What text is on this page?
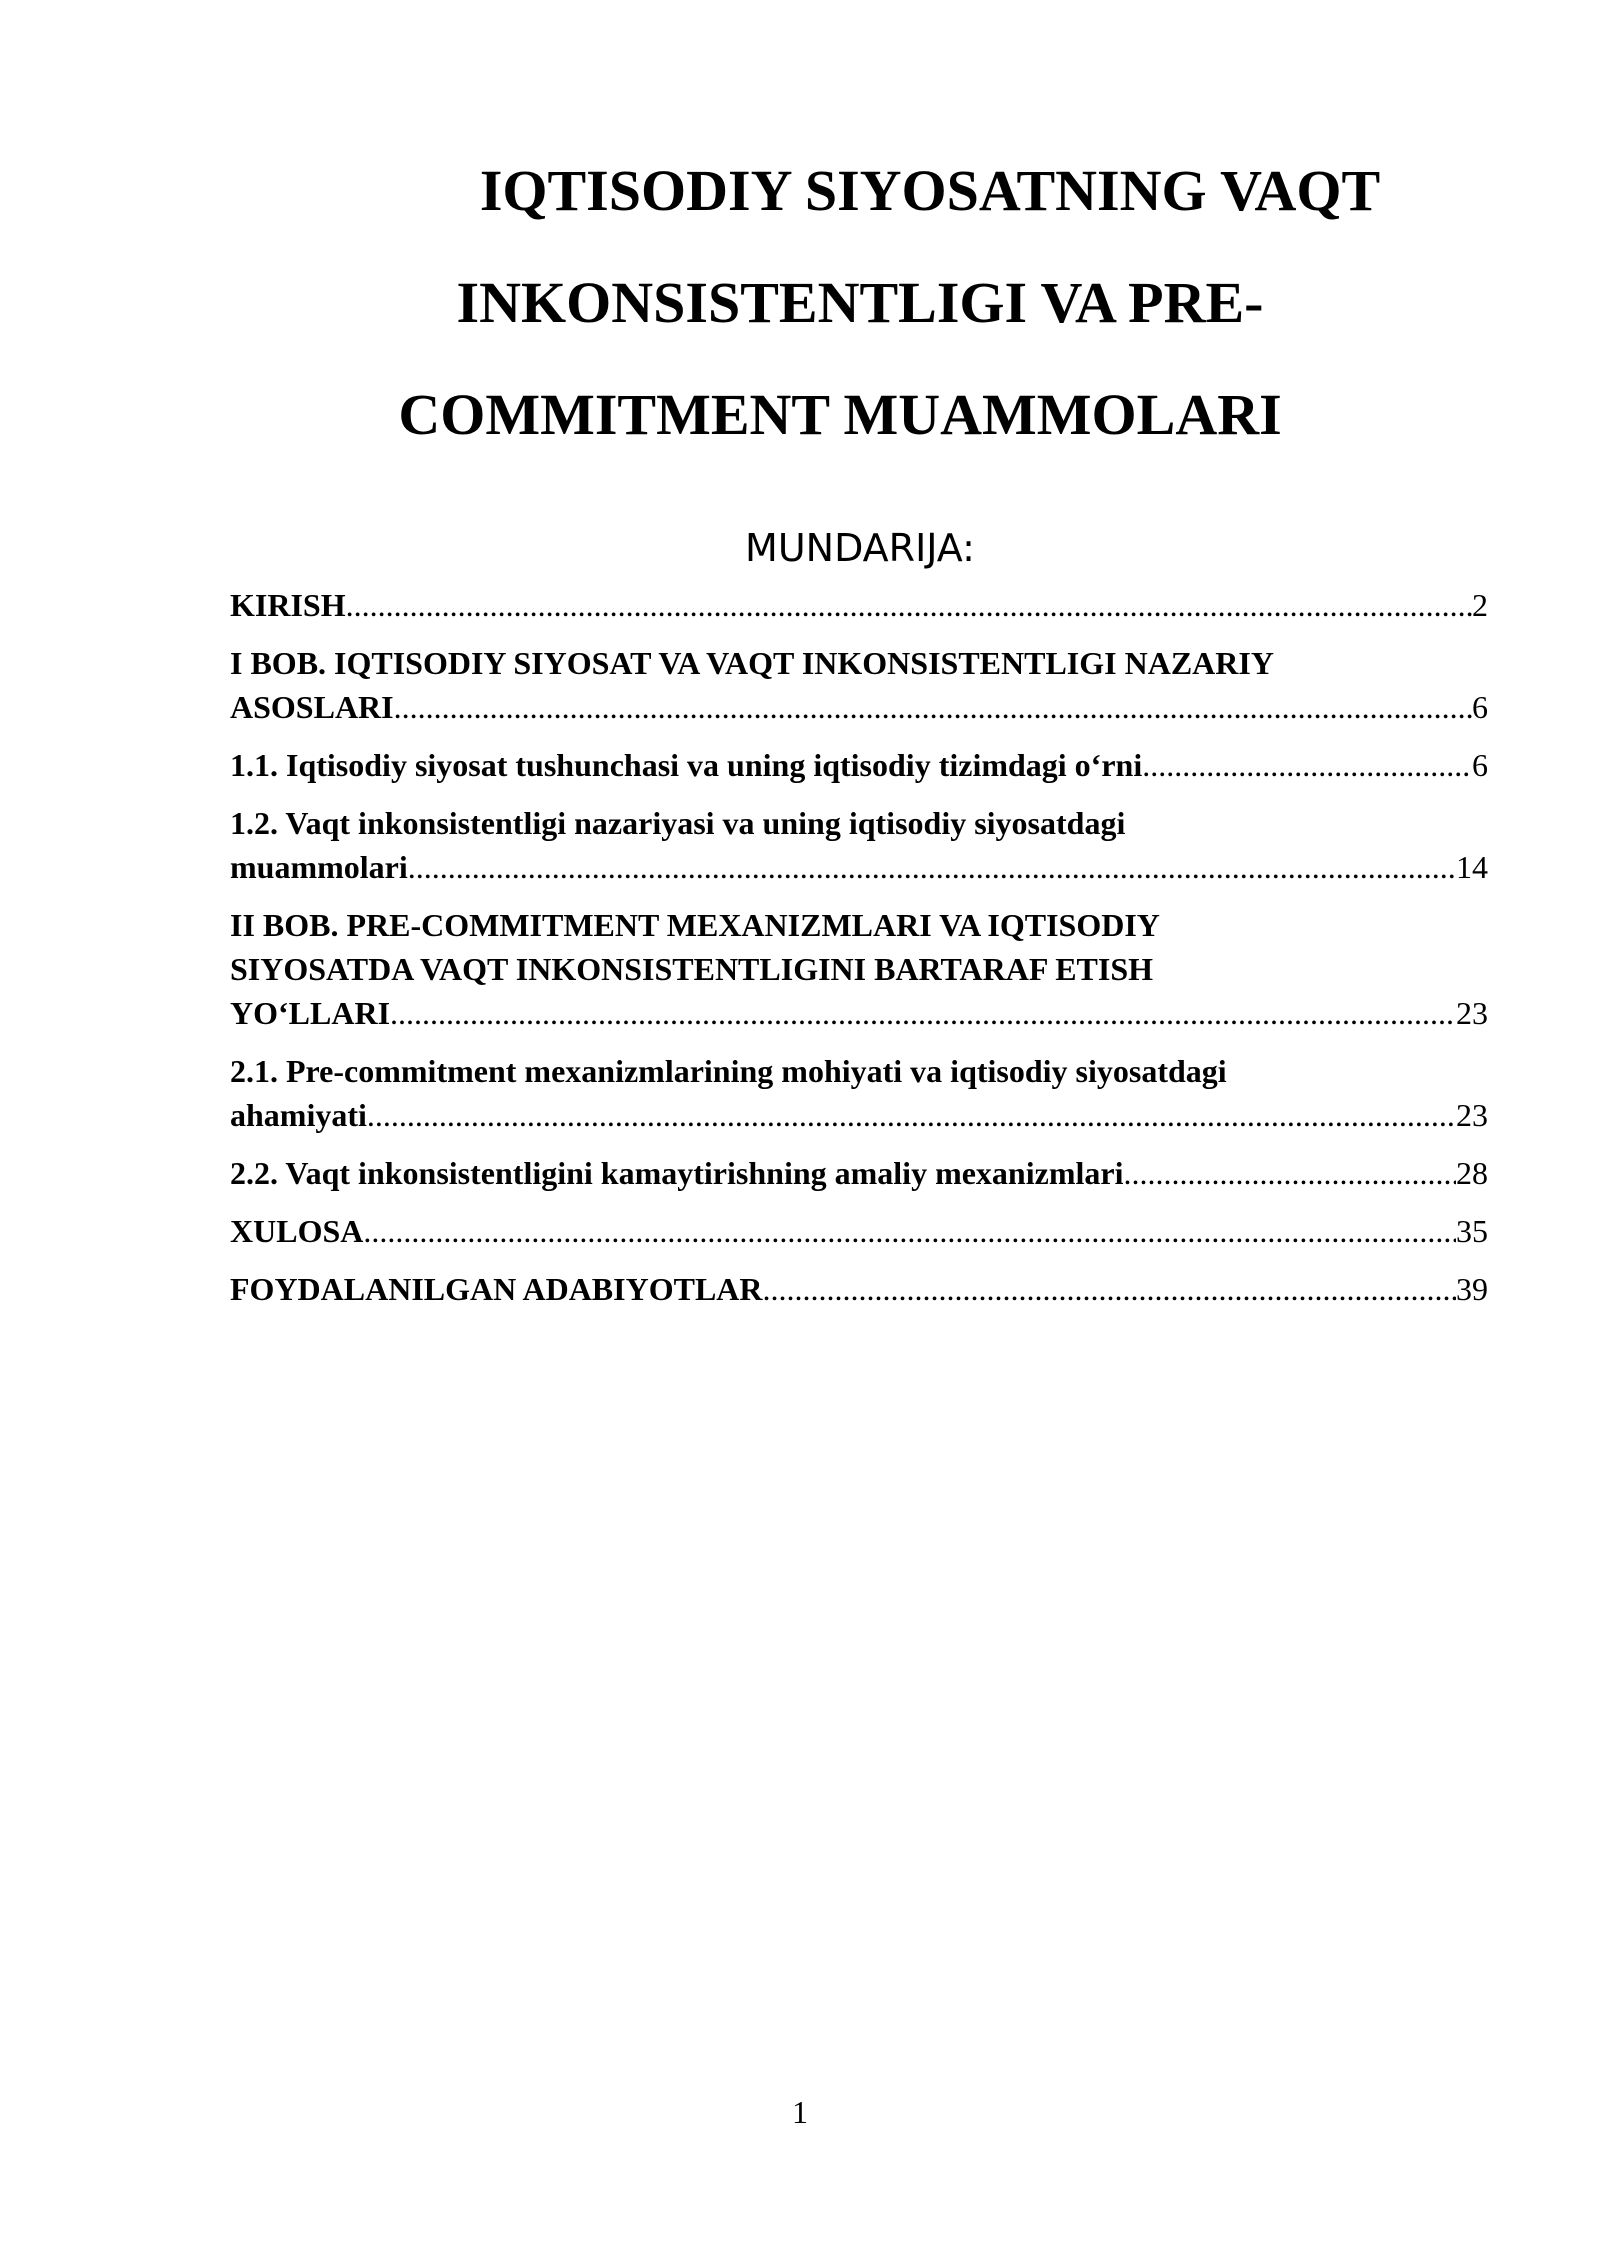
IQTISODIY SIYOSATNING VAQT
INKONSISTENTLIGI VA PRE-
COMMITMENT MUAMMOLARI
MUNDARIJA:
KIRISH .....	2
I BOB. IQTISODIY SIYOSAT VA VAQT INKONSISTENTLIGI NAZARIY
ASOSLARI .....	6
1.1. Iqtisodiy siyosat tushunchasi va uning iqtisodiy tizimdagi o‘rni .....	6
1.2. Vaqt inkonsistentligi nazariyasi va uning iqtisodiy siyosatdagi
muammolari .....	14
II BOB. PRE-COMMITMENT MEXANIZMLARI VA IQTISODIY
SIYOSATDA VAQT INKONSISTENTLIGINI BARTARAF ETISH
YO‘LLARI .....	23
2.1. Pre-commitment mexanizmlarining mohiyati va iqtisodiy siyosatdagi
ahamiyati .....	23
2.2. Vaqt inkonsistentligini kamaytirishning amaliy mexanizmlari .....	28
XULOSA .....	35
FOYDALANILGAN ADABIYOTLAR .....	39
1
